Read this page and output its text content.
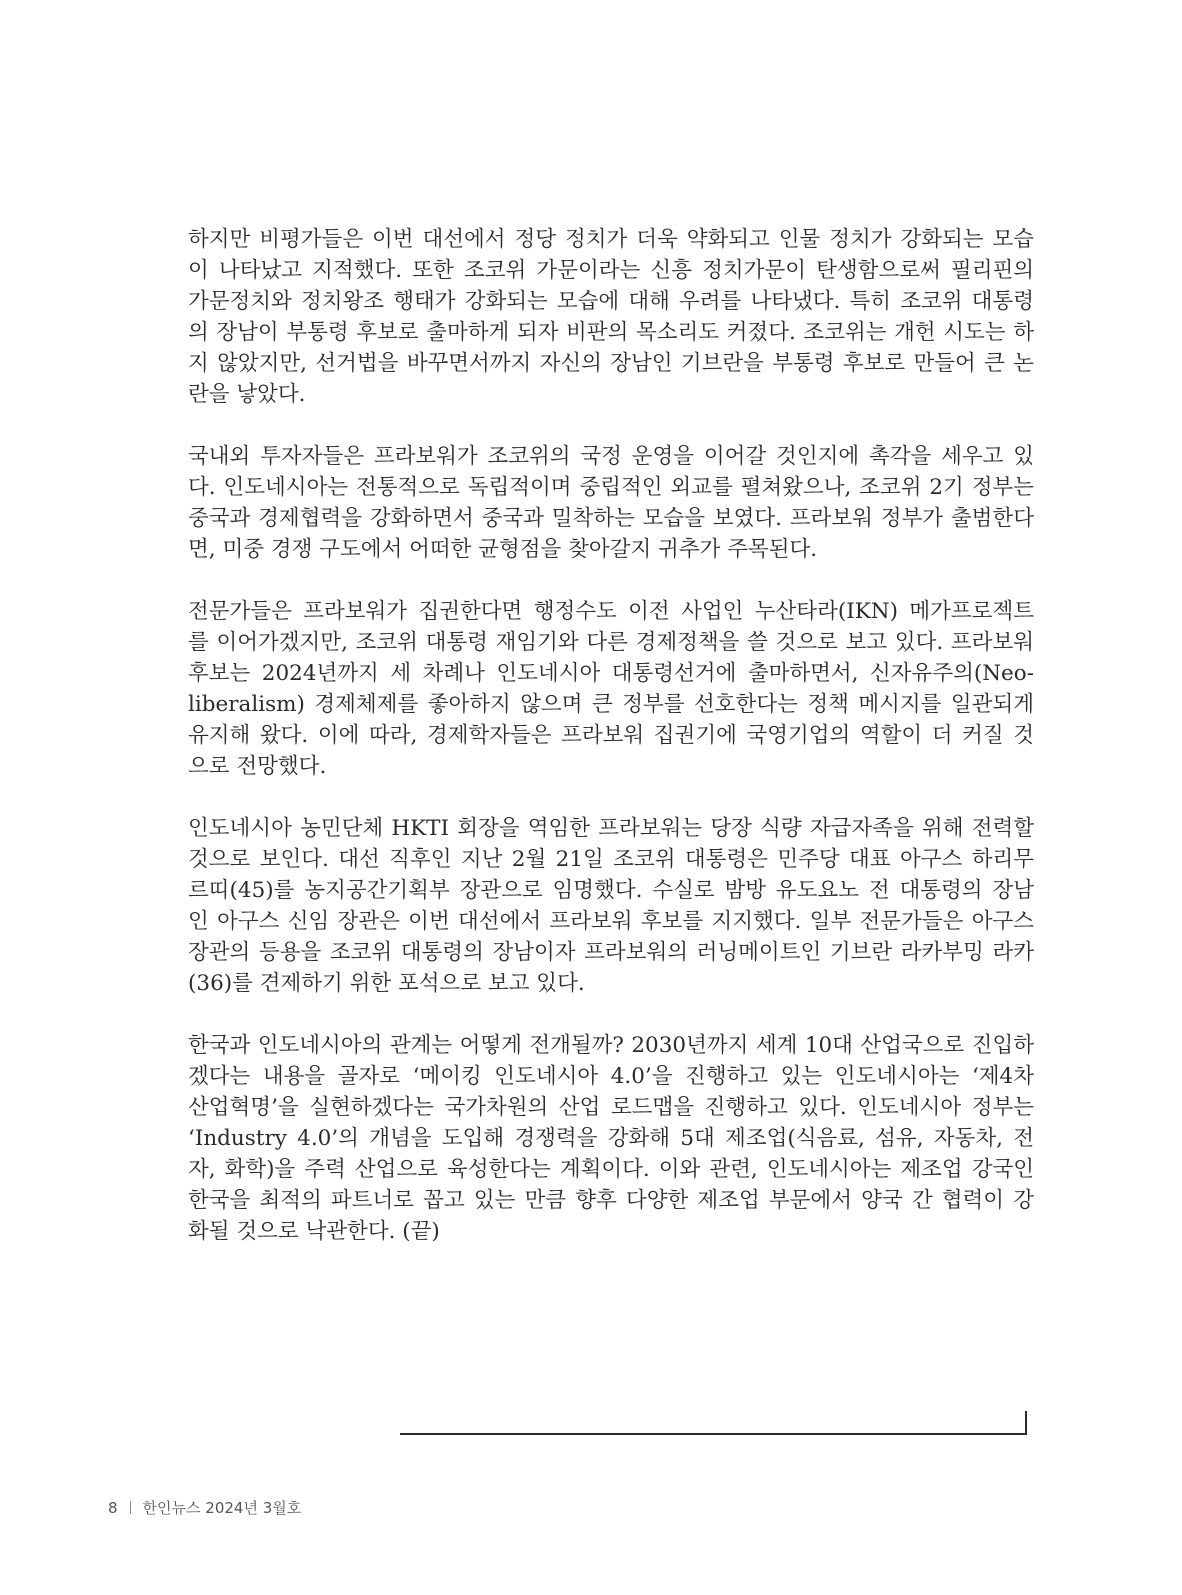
하지만 비평가들은 이번 대선에서 정당 정치가 더욱 약화되고 인물 정치가 강화되는 모습
이 나타났고 지적했다. 또한 조코위 가문이라는 신흥 정치가문이 탄생함으로써 필리핀의
가문정치와 정치왕조 행태가 강화되는 모습에 대해 우려를 나타냈다. 특히 조코위 대통령
의 장남이 부통령 후보로 출마하게 되자 비판의 목소리도 커졌다. 조코위는 개헌 시도는 하
지 않았지만, 선거법을 바꾸면서까지 자신의 장남인 기브란을 부통령 후보로 만들어 큰 논
란을 낳았다.
국내외 투자자들은 프라보워가 조코위의 국정 운영을 이어갈 것인지에 촉각을 세우고 있
다. 인도네시아는 전통적으로 독립적이며 중립적인 외교를 펼쳐왔으나, 조코위 2기 정부는
중국과 경제협력을 강화하면서 중국과 밀착하는 모습을 보였다. 프라보워 정부가 출범한다
면, 미중 경쟁 구도에서 어떠한 균형점을 찾아갈지 귀추가 주목된다.
전문가들은 프라보워가 집권한다면 행정수도 이전 사업인 누산타라(IKN) 메가프로젝트
를 이어가겠지만, 조코위 대통령 재임기와 다른 경제정책을 쓸 것으로 보고 있다. 프라보워
후보는 2024년까지 세 차례나 인도네시아 대통령선거에 출마하면서, 신자유주의(Neo-
liberalism) 경제체제를 좋아하지 않으며 큰 정부를 선호한다는 정책 메시지를 일관되게
유지해 왔다. 이에 따라, 경제학자들은 프라보워 집권기에 국영기업의 역할이 더 커질 것
으로 전망했다.
인도네시아 농민단체 HKTI 회장을 역임한 프라보워는 당장 식량 자급자족을 위해 전력할
것으로 보인다. 대선 직후인 지난 2월 21일 조코위 대통령은 민주당 대표 아구스 하리무
르띠(45)를 농지공간기획부 장관으로 임명했다. 수실로 밤방 유도요노 전 대통령의 장남
인 아구스 신임 장관은 이번 대선에서 프라보워 후보를 지지했다. 일부 전문가들은 아구스
장관의 등용을 조코위 대통령의 장남이자 프라보워의 러닝메이트인 기브란 라카부밍 라카
(36)를 견제하기 위한 포석으로 보고 있다.
한국과 인도네시아의 관계는 어떻게 전개될까? 2030년까지 세계 10대 산업국으로 진입하
겠다는 내용을 골자로 ‘메이킹 인도네시아 4.0’을 진행하고 있는 인도네시아는 ‘제4차
산업혁명’을 실현하겠다는 국가차원의 산업 로드맵을 진행하고 있다. 인도네시아 정부는
‘Industry 4.0’의 개념을 도입해 경쟁력을 강화해 5대 제조업(식음료, 섬유, 자동차, 전
자, 화학)을 주력 산업으로 육성한다는 계획이다. 이와 관련, 인도네시아는 제조업 강국인
한국을 최적의 파트너로 꼽고 있는 만큼 향후 다양한 제조업 부문에서 양국 간 협력이 강
화될 것으로 낙관한다. (끝)
8 한인뉴스 2024년 3월호
